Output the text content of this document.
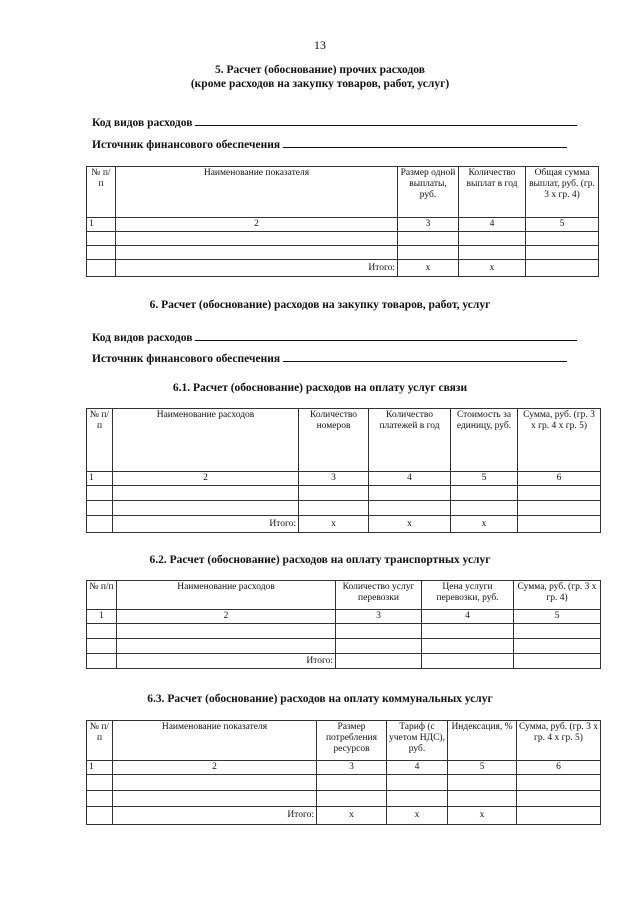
13
5. Расчет (обоснование) прочих расходов
(кроме расходов на закупку товаров, работ, услуг)
Код видов расходов
Источник финансового обеспечения
№ п/п	Наименование показателя	Размер одной выплаты, руб.	Количество выплат в год	Общая сумма выплат, руб. (гр. 3 х гр. 4)
1	2	3	4	5

	Итого:	х	х	
6. Расчет (обоснование) расходов на закупку товаров, работ, услуг
Код видов расходов
Источник финансового обеспечения
6.1. Расчет (обоснование) расходов на оплату услуг связи
№ п/п	Наименование расходов	Количество номеров	Количество платежей в год	Стоимость за единицу, руб.	Сумма, руб. (гр. 3 х гр. 4 х гр. 5)
1	2	3	4	5	6

	Итого:	х	х	х	
6.2. Расчет (обоснование) расходов на оплату транспортных услуг
№ п/п	Наименование расходов	Количество услуг перевозки	Цена услуги перевозки, руб.	Сумма, руб. (гр. 3 х гр. 4)
1	2	3	4	5

	Итого:			
6.3. Расчет (обоснование) расходов на оплату коммунальных услуг
№ п/п	Наименование показателя	Размер потребления ресурсов	Тариф (с учетом НДС), руб.	Индексация, %	Сумма, руб. (гр. 3 х гр. 4 х гр. 5)
1	2	3	4	5	6

	Итого:	х	х	х	
